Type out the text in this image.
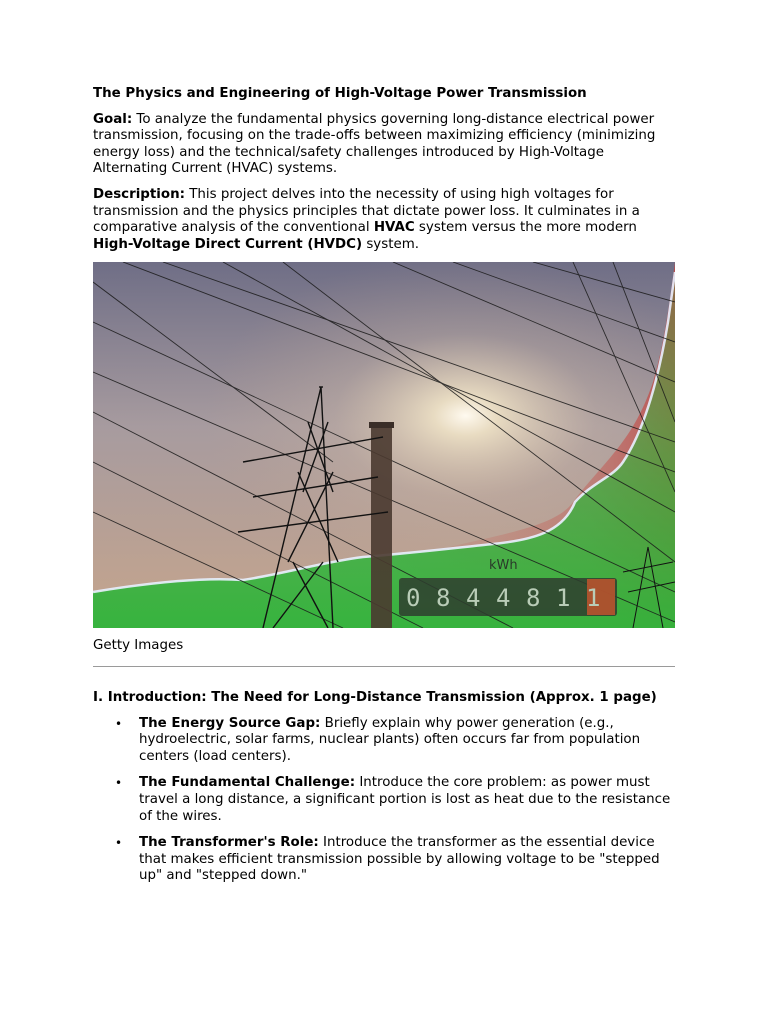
The Physics and Engineering of High-Voltage Power Transmission

Goal: To analyze the fundamental physics governing long-distance electrical power transmission, focusing on the trade-offs between maximizing efficiency (minimizing energy loss) and the technical/safety challenges introduced by High-Voltage Alternating Current (HVAC) systems.

Description: This project delves into the necessity of using high voltages for transmission and the physics principles that dictate power loss. It culminates in a comparative analysis of the conventional HVAC system versus the more modern High-Voltage Direct Current (HVDC) system.

kWh
0 8 4 4 8 1 1
Getty Images
I. Introduction: The Need for Long-Distance Transmission (Approx. 1 page)
• The Energy Source Gap: Briefly explain why power generation (e.g., hydroelectric, solar farms, nuclear plants) often occurs far from population centers (load centers).
• The Fundamental Challenge: Introduce the core problem: as power must travel a long distance, a significant portion is lost as heat due to the resistance of the wires.
• The Transformer's Role: Introduce the transformer as the essential device that makes efficient transmission possible by allowing voltage to be "stepped up" and "stepped down."
